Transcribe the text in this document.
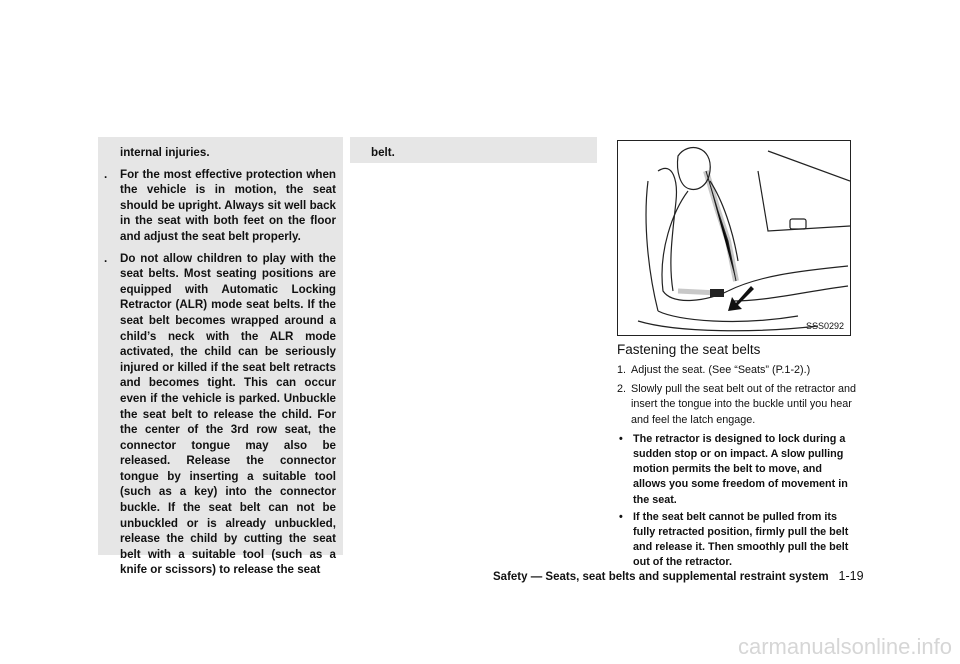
internal injuries.

. For the most effective protection when the vehicle is in motion, the seat should be upright. Always sit well back in the seat with both feet on the floor and adjust the seat belt properly.

. Do not allow children to play with the seat belts. Most seating positions are equipped with Automatic Locking Retractor (ALR) mode seat belts. If the seat belt becomes wrapped around a child’s neck with the ALR mode activated, the child can be seriously injured or killed if the seat belt retracts and becomes tight. This can occur even if the vehicle is parked. Unbuckle the seat belt to release the child. For the center of the 3rd row seat, the connector tongue may also be released. Release the connector tongue by inserting a suitable tool (such as a key) into the connector buckle. If the seat belt can not be unbuckled or is already unbuckled, release the child by cutting the seat belt with a suitable tool (such as a knife or scissors) to release the seat

belt.

SSS0292
Fastening the seat belts

1. Adjust the seat. (See “Seats” (P.1-2).)

2. Slowly pull the seat belt out of the retractor and insert the tongue into the buckle until you hear and feel the latch engage.

• The retractor is designed to lock during a sudden stop or on impact. A slow pulling motion permits the belt to move, and allows you some freedom of movement in the seat.

• If the seat belt cannot be pulled from its fully retracted position, firmly pull the belt and release it. Then smoothly pull the belt out of the retractor.

Safety — Seats, seat belts and supplemental restraint system 1-19
carmanualsonline.info
